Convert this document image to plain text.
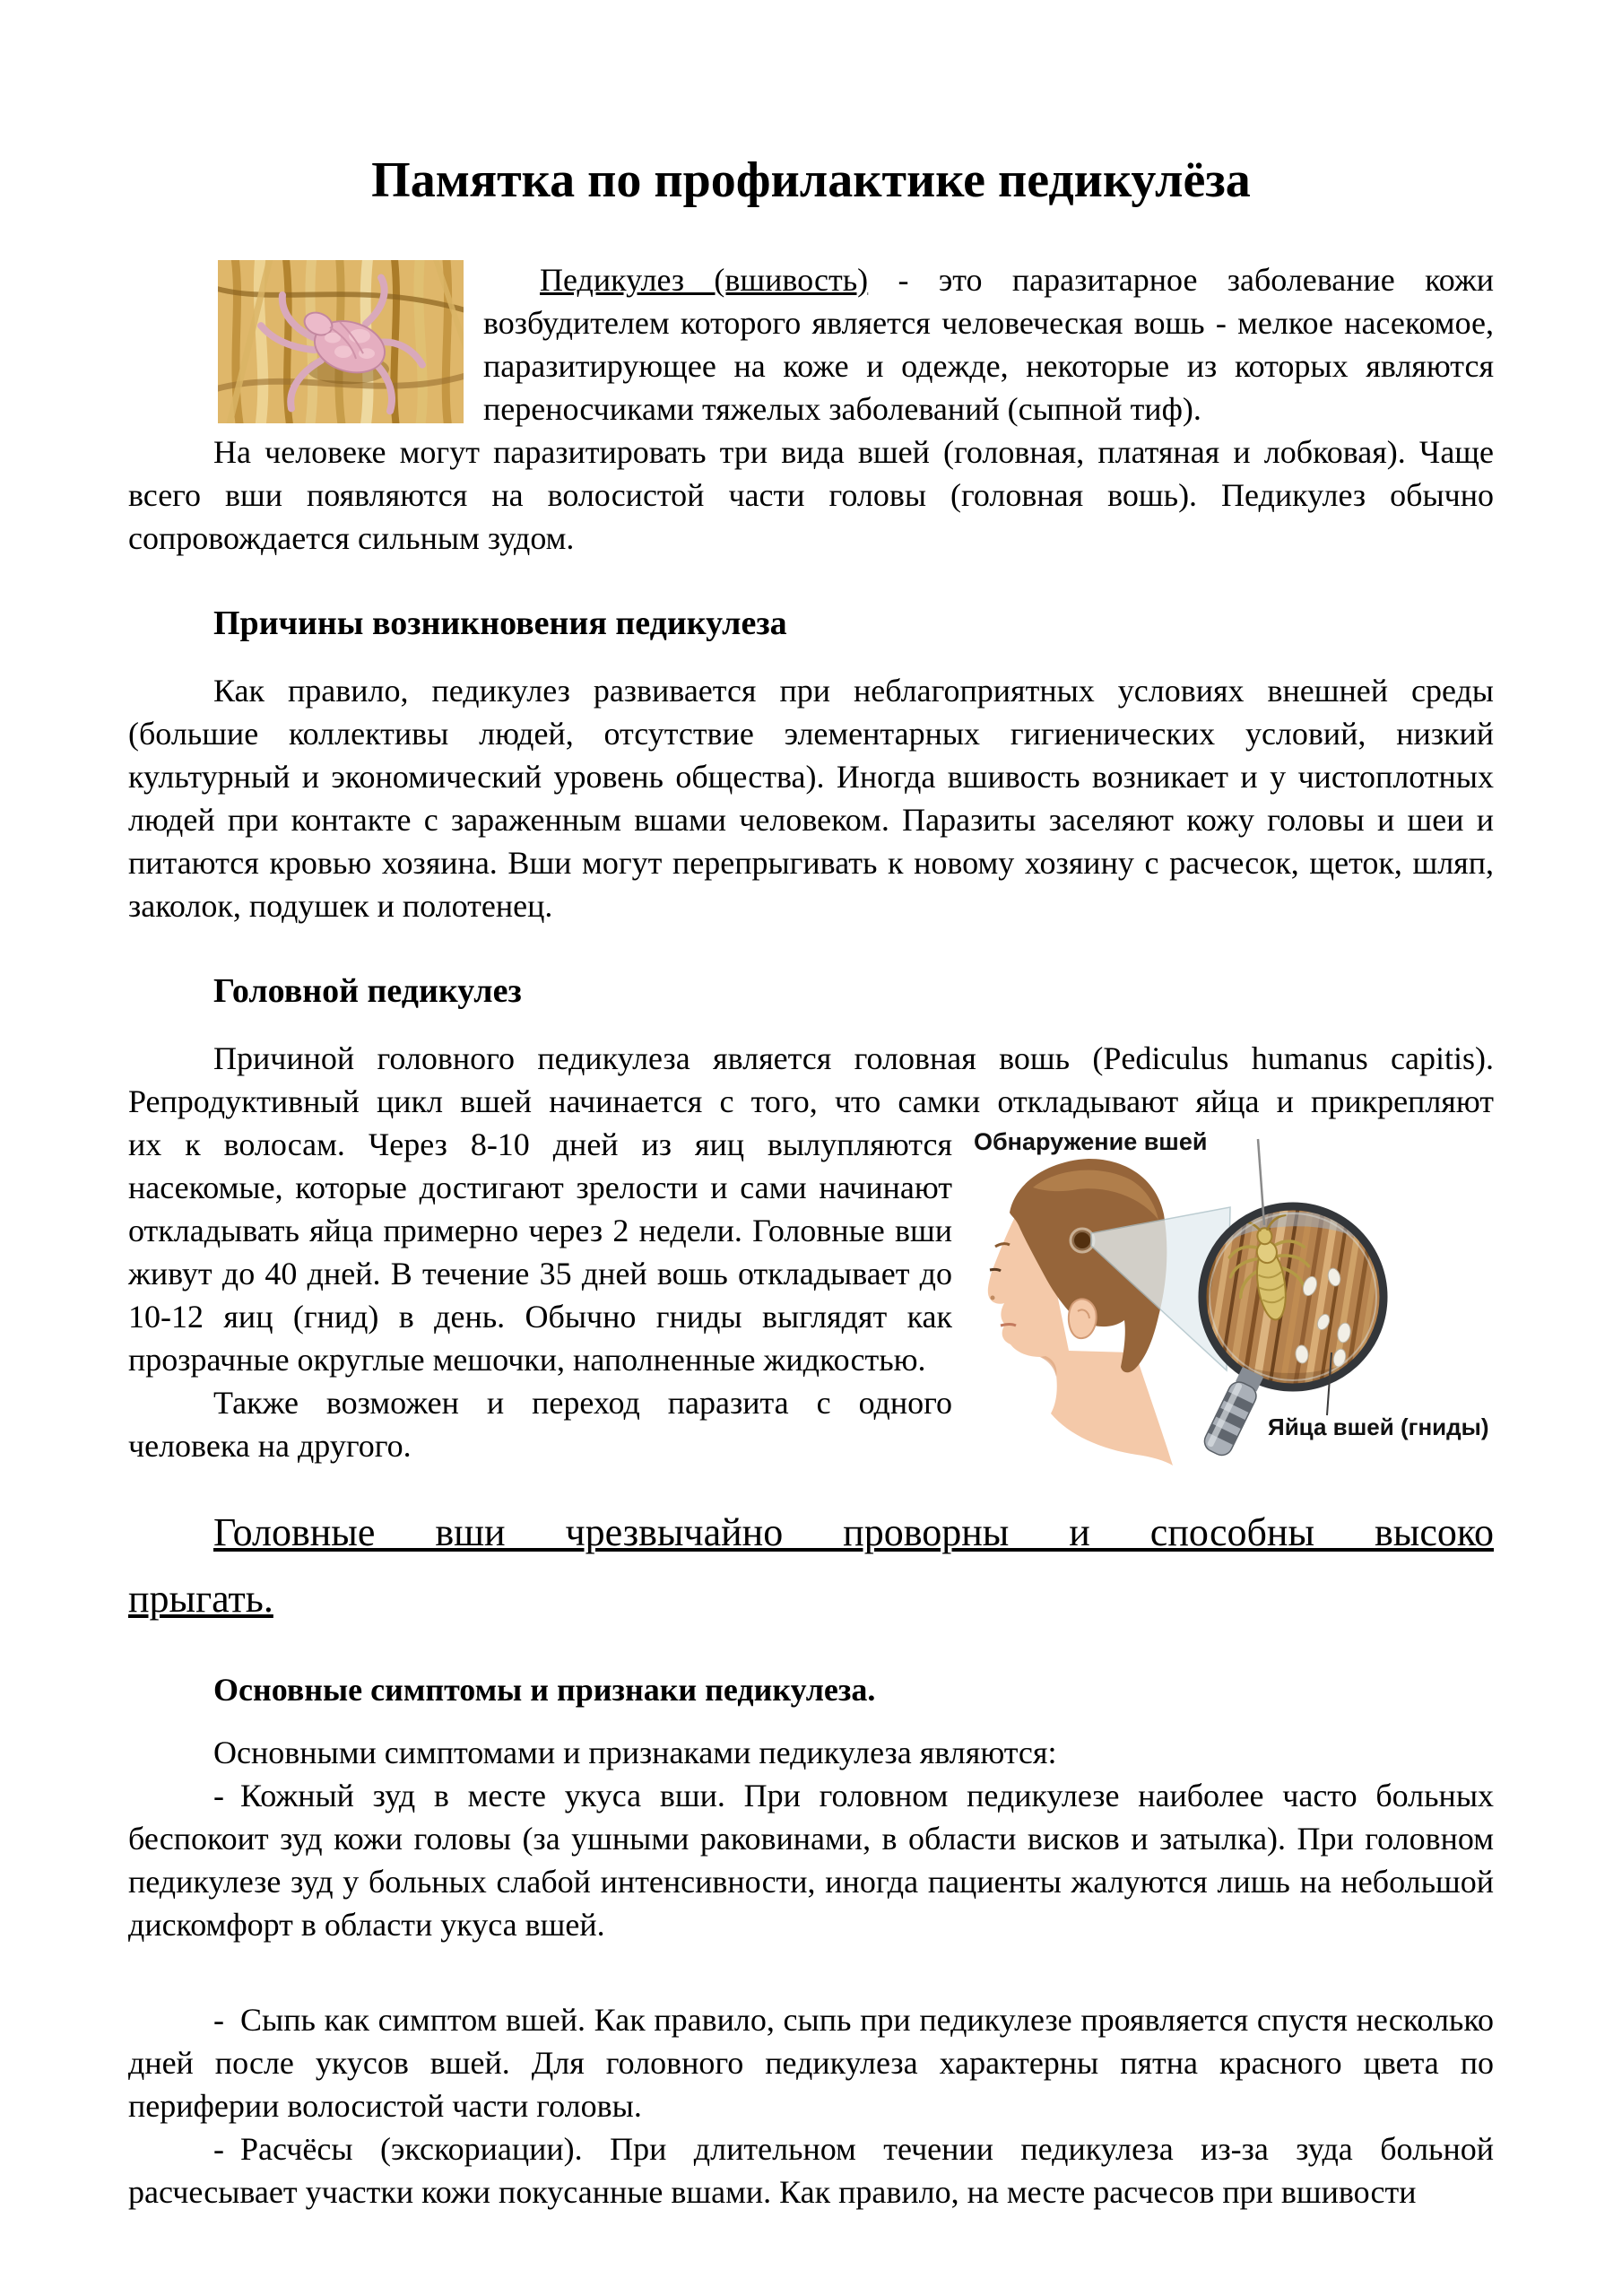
Памятка по профилактике педикулёза

Педикулез (вшивость) - это паразитарное заболевание кожи возбудителем которого является человеческая вошь - мелкое насекомое, паразитирующее на коже и одежде, некоторые из которых являются переносчиками тяжелых заболеваний (сыпной тиф).

На человеке могут паразитировать три вида вшей (головная, платяная и лобковая). Чаще всего вши появляются на волосистой части головы (головная вошь). Педикулез обычно сопровождается сильным зудом.

Причины возникновения педикулеза

Как правило, педикулез развивается при неблагоприятных условиях внешней среды (большие коллективы людей, отсутствие элементарных гигиенических условий, низкий культурный и экономический уровень общества). Иногда вшивость возникает и у чистоплотных людей при контакте с зараженным вшами человеком. Паразиты заселяют кожу головы и шеи и питаются кровью хозяина. Вши могут перепрыгивать к новому хозяину с расчесок, щеток, шляп, заколок, подушек и полотенец.

Головной педикулез

Причиной головного педикулеза является головная вошь (Pediculus humanus capitis). Репродуктивный цикл вшей начинается с того, что самки откладывают яйца и прикрепляют

Обнаружение вшей
Яйца вшей (гниды)

их к волосам. Через 8-10 дней из яиц вылупляются насекомые, которые достигают зрелости и сами начинают откладывать яйца примерно через 2 недели. Головные вши живут до 40 дней. В течение 35 дней вошь откладывает до 10-12 яиц (гнид) в день. Обычно гниды выглядят как прозрачные округлые мешочки, наполненные жидкостью.

Также возможен и переход паразита с одного человека на другого.

Головные вши чрезвычайно проворны и способны высоко
прыгать.

Основные симптомы и признаки педикулеза.

Основными симптомами и признаками педикулеза являются:

- Кожный зуд в месте укуса вши. При головном педикулезе наиболее часто больных беспокоит зуд кожи головы (за ушными раковинами, в области висков и затылка). При головном педикулезе зуд у больных слабой интенсивности, иногда пациенты жалуются лишь на небольшой дискомфорт в области укуса вшей.

- Сыпь как симптом вшей. Как правило, сыпь при педикулезе проявляется спустя несколько дней после укусов вшей. Для головного педикулеза характерны пятна красного цвета по периферии волосистой части головы.

- Расчёсы (экскориации). При длительном течении педикулеза из-за зуда больной расчесывает участки кожи покусанные вшами. Как правило, на месте расчесов при вшивости
